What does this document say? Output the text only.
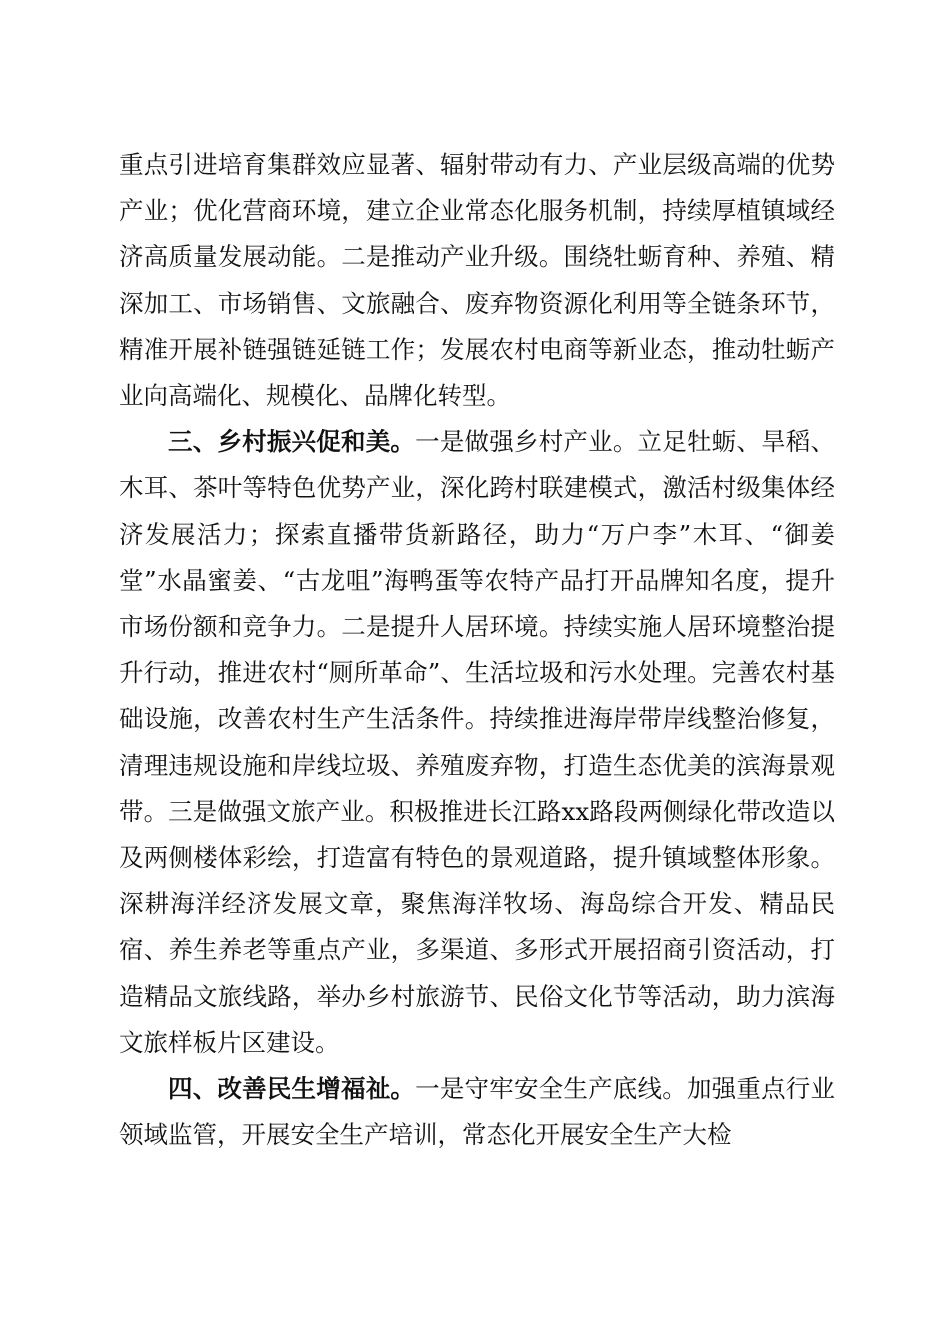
重点引进培育集群效应显著、辐射带动有力、产业层级高端的优势产业；优化营商环境，建立企业常态化服务机制，持续厚植镇域经济高质量发展动能。二是推动产业升级。围绕牡蛎育种、养殖、精深加工、市场销售、文旅融合、废弃物资源化利用等全链条环节，精准开展补链强链延链工作；发展农村电商等新业态，推动牡蛎产业向高端化、规模化、品牌化转型。

三、乡村振兴促和美。一是做强乡村产业。立足牡蛎、旱稻、木耳、茶叶等特色优势产业，深化跨村联建模式，激活村级集体经济发展活力；探索直播带货新路径，助力“万户李”木耳、“御姜堂”水晶蜜姜、“古龙咀”海鸭蛋等农特产品打开品牌知名度，提升市场份额和竞争力。二是提升人居环境。持续实施人居环境整治提升行动，推进农村“厕所革命”、生活垃圾和污水处理。完善农村基础设施，改善农村生产生活条件。持续推进海岸带岸线整治修复，清理违规设施和岸线垃圾、养殖废弃物，打造生态优美的滨海景观带。三是做强文旅产业。积极推进长江路xx路段两侧绿化带改造以及两侧楼体彩绘，打造富有特色的景观道路，提升镇域整体形象。深耕海洋经济发展文章，聚焦海洋牧场、海岛综合开发、精品民宿、养生养老等重点产业，多渠道、多形式开展招商引资活动，打造精品文旅线路，举办乡村旅游节、民俗文化节等活动，助力滨海文旅样板片区建设。

四、改善民生增福祉。一是守牢安全生产底线。加强重点行业领域监管，开展安全生产培训，常态化开展安全生产大检
